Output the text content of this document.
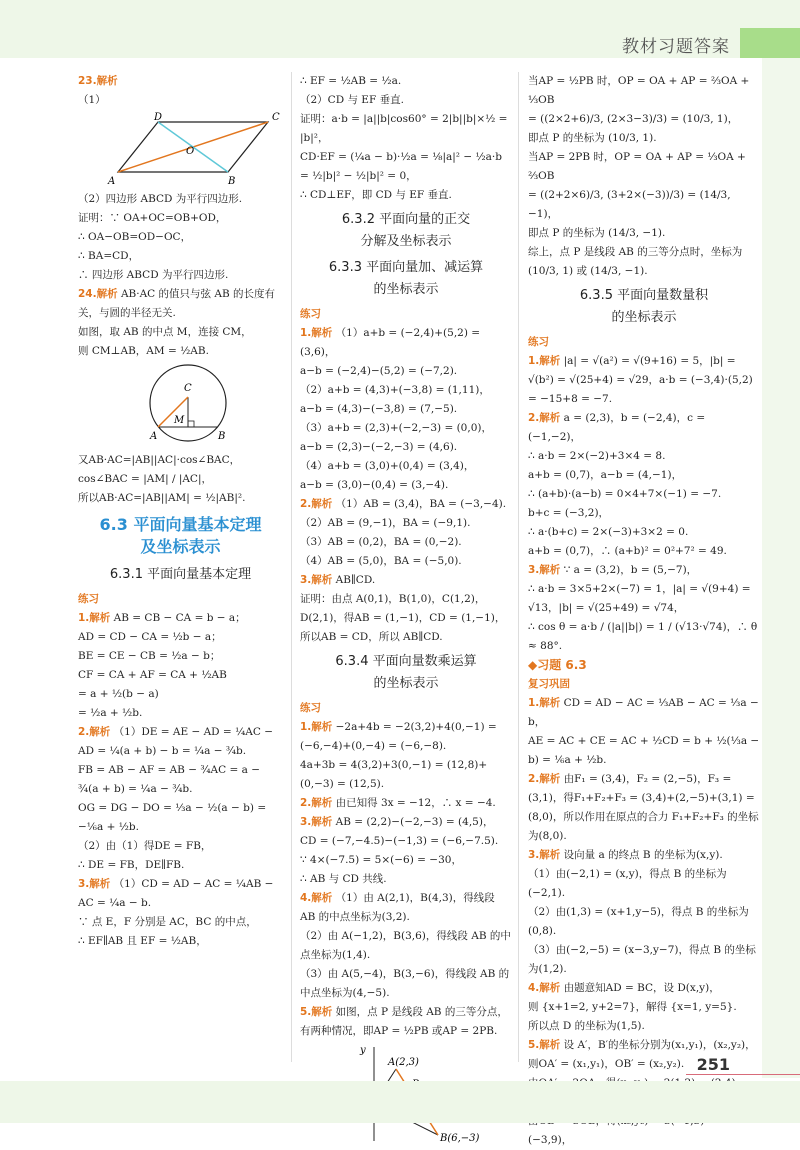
教材习题答案

23.解析

（1）

D	C
O
A	B

（2）四边形 ABCD 为平行四边形.

证明：∵ OA+OC=OB+OD，

∴ OA−OB=OD−OC，

∴ BA=CD，

∴ 四边形 ABCD 为平行四边形.

24.解析 AB·AC 的值只与弦 AB 的长度有关，与圆的半径无关.

如图，取 AB 的中点 M，连接 CM，

则 CM⊥AB，AM = ½AB.

C
A
M
B

又AB·AC=|AB||AC|·cos∠BAC，

cos∠BAC = |AM| / |AC|，

所以AB·AC=|AB||AM| = ½|AB|².

6.3 平面向量基本定理
及坐标表示
6.3.1 平面向量基本定理
练习

1.解析 AB = CB − CA = b − a；

AD = CD − CA = ½b − a；

BE = CE − CB = ½a − b；

CF = CA + AF = CA + ½AB

= a + ½(b − a)

= ½a + ½b.

2.解析 （1）DE = AE − AD = ¼AC − AD = ¼(a + b) − b = ¼a − ¾b.

FB = AB − AF = AB − ¾AC = a − ¾(a + b) = ¼a − ¾b.

OG = DG − DO = ⅓a − ½(a − b) = −⅙a + ½b.

（2）由（1）得DE = FB，

∴ DE = FB，DE∥FB.

3.解析 （1）CD = AD − AC = ¼AB − AC = ¼a − b.

∵ 点 E，F 分别是 AC，BC 的中点，

∴ EF∥AB 且 EF = ½AB，

∴ EF = ½AB = ½a.

（2）CD 与 EF 垂直.

证明：a·b = |a||b|cos60° = 2|b||b|×½ = |b|²，

CD·EF = (¼a − b)·½a = ⅛|a|² − ½a·b = ½|b|² − ½|b|² = 0，

∴ CD⊥EF，即 CD 与 EF 垂直.

6.3.2 平面向量的正交
分解及坐标表示
6.3.3 平面向量加、减运算
的坐标表示
练习

1.解析 （1）a+b = (−2,4)+(5,2) = (3,6)，

a−b = (−2,4)−(5,2) = (−7,2).

（2）a+b = (4,3)+(−3,8) = (1,11)，

a−b = (4,3)−(−3,8) = (7,−5).

（3）a+b = (2,3)+(−2,−3) = (0,0)，

a−b = (2,3)−(−2,−3) = (4,6).

（4）a+b = (3,0)+(0,4) = (3,4)，

a−b = (3,0)−(0,4) = (3,−4).

2.解析 （1）AB = (3,4)，BA = (−3,−4).

（2）AB = (9,−1)，BA = (−9,1).

（3）AB = (0,2)，BA = (0,−2).

（4）AB = (5,0)，BA = (−5,0).

3.解析 AB∥CD.

证明：由点 A(0,1)，B(1,0)，C(1,2)，D(2,1)，得AB = (1,−1)，CD = (1,−1)，所以AB = CD，所以 AB∥CD.

6.3.4 平面向量数乘运算
的坐标表示
练习

1.解析 −2a+4b = −2(3,2)+4(0,−1) = (−6,−4)+(0,−4) = (−6,−8).

4a+3b = 4(3,2)+3(0,−1) = (12,8)+(0,−3) = (12,5).

2.解析 由已知得 3x = −12，∴ x = −4.

3.解析 AB = (2,2)−(−2,−3) = (4,5)，

CD = (−7,−4.5)−(−1,3) = (−6,−7.5).

∵ 4×(−7.5) = 5×(−6) = −30，

∴ AB 与 CD 共线.

4.解析 （1）由 A(2,1)，B(4,3)，得线段 AB 的中点坐标为(3,2).

（2）由 A(−1,2)，B(3,6)，得线段 AB 的中点坐标为(1,4).

（3）由 A(5,−4)，B(3,−6)，得线段 AB 的中点坐标为(4,−5).

5.解析 如图，点 P 是线段 AB 的三等分点，有两种情况，即AP = ½PB 或AP = 2PB.

y
A(2,3)
B(6,−3)

当AP = ½PB 时，OP = OA + AP = ⅔OA + ⅓OB

= ((2×2+6)/3, (2×3−3)/3) = (10/3, 1)，

即点 P 的坐标为 (10/3, 1).

当AP = 2PB 时，OP = OA + AP = ⅓OA + ⅔OB

= ((2+2×6)/3, (3+2×(−3))/3) = (14/3, −1)，

即点 P 的坐标为 (14/3, −1).

综上，点 P 是线段 AB 的三等分点时，坐标为 (10/3, 1) 或 (14/3, −1).

6.3.5 平面向量数量积
的坐标表示
练习

1.解析 |a| = √(a²) = √(9+16) = 5，|b| = √(b²) = √(25+4) = √29，a·b = (−3,4)·(5,2) = −15+8 = −7.

2.解析 a = (2,3)，b = (−2,4)，c = (−1,−2)，

∴ a·b = 2×(−2)+3×4 = 8.

a+b = (0,7)，a−b = (4,−1)，

∴ (a+b)·(a−b) = 0×4+7×(−1) = −7.

b+c = (−3,2)，

∴ a·(b+c) = 2×(−3)+3×2 = 0.

a+b = (0,7)，∴ (a+b)² = 0²+7² = 49.

3.解析 ∵ a = (3,2)，b = (5,−7)，

∴ a·b = 3×5+2×(−7) = 1，|a| = √(9+4) = √13，|b| = √(25+49) = √74，

∴ cos θ = a·b / (|a||b|) = 1 / (√13·√74)，∴ θ ≈ 88°.

◆习题 6.3
复习巩固

1.解析 CD = AD − AC = ⅓AB − AC = ⅓a − b，

AE = AC + CE = AC + ½CD = b + ½(⅓a − b) = ⅙a + ½b.

2.解析 由F₁ = (3,4)，F₂ = (2,−5)，F₃ = (3,1)，得F₁+F₂+F₃ = (3,4)+(2,−5)+(3,1) = (8,0)，所以作用在原点的合力 F₁+F₂+F₃ 的坐标为(8,0).

3.解析 设向量 a 的终点 B 的坐标为(x,y).

（1）由(−2,1) = (x,y)，得点 B 的坐标为(−2,1).

（2）由(1,3) = (x+1,y−5)，得点 B 的坐标为(0,8).

（3）由(−2,−5) = (x−3,y−7)，得点 B 的坐标为(1,2).

4.解析 由题意知AD = BC，设 D(x,y)，

则 {x+1=2, y+2=7}，解得 {x=1, y=5}.

所以点 D 的坐标为(1,5).

5.解析 设 A′，B′的坐标分别为(x₁,y₁)，(x₂,y₂)，则OA′ = (x₁,y₁)，OB′ = (x₂,y₂).

(−3,9)，

251
